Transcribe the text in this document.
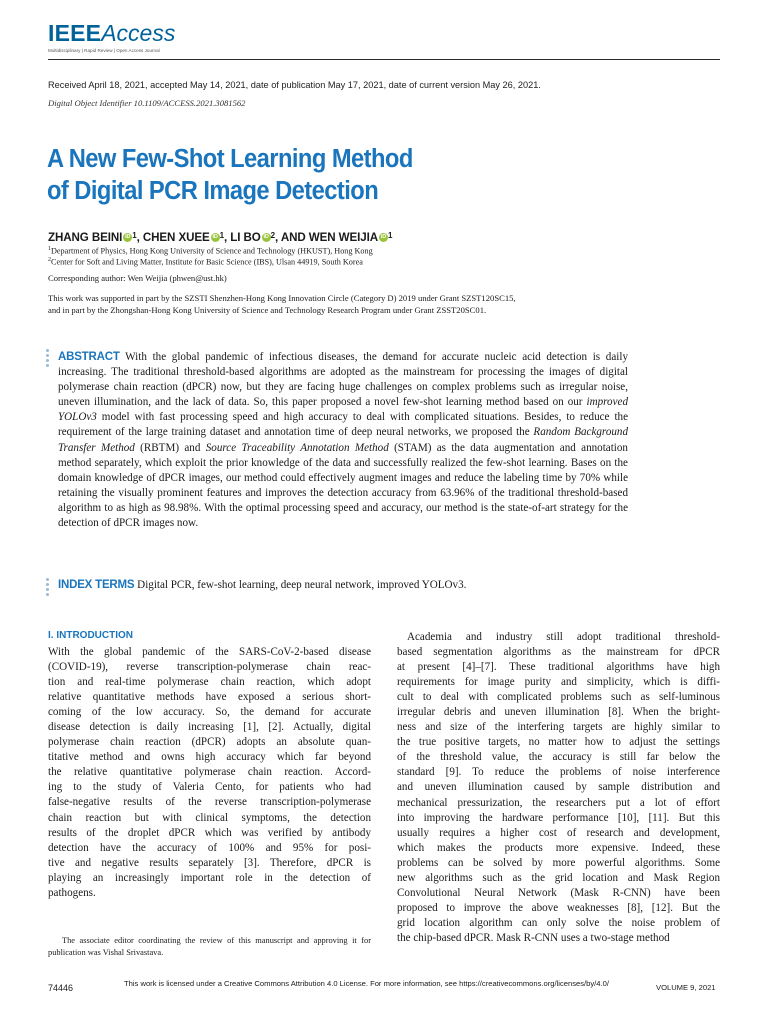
IEEEAccess
Multidisciplinary | Rapid Review | Open Access Journal
Received April 18, 2021, accepted May 14, 2021, date of publication May 17, 2021, date of current version May 26, 2021.
Digital Object Identifier 10.1109/ACCESS.2021.3081562
A New Few-Shot Learning Method
of Digital PCR Image Detection
ZHANG BEINI iD $^1$, CHEN XUEE iD $^1$, LI BO iD $^2$, AND WEN WEIJIA iD $^1$
$^1$Department of Physics, Hong Kong University of Science and Technology (HKUST), Hong Kong
$^2$Center for Soft and Living Matter, Institute for Basic Science (IBS), Ulsan 44919, South Korea
Corresponding author: Wen Weijia (phwen@ust.hk)
This work was supported in part by the SZSTI Shenzhen-Hong Kong Innovation Circle (Category D) 2019 under Grant SZST120SC15,
and in part by the Zhongshan-Hong Kong University of Science and Technology Research Program under Grant ZSST20SC01.
ABSTRACT With the global pandemic of infectious diseases, the demand for accurate nucleic acid detection is daily increasing. The traditional threshold-based algorithms are adopted as the mainstream for processing the images of digital polymerase chain reaction (dPCR) now, but they are facing huge challenges on complex problems such as irregular noise, uneven illumination, and the lack of data. So, this paper proposed a novel few-shot learning method based on our improved YOLOv3 model with fast processing speed and high accuracy to deal with complicated situations. Besides, to reduce the requirement of the large training dataset and annotation time of deep neural networks, we proposed the Random Background Transfer Method (RBTM) and Source Traceability Annotation Method (STAM) as the data augmentation and annotation method separately, which exploit the prior knowledge of the data and successfully realized the few-shot learning. Bases on the domain knowledge of dPCR images, our method could effectively augment images and reduce the labeling time by 70% while retaining the visually prominent features and improves the detection accuracy from 63.96% of the traditional threshold-based algorithm to as high as 98.98%. With the optimal processing speed and accuracy, our method is the state-of-art strategy for the detection of dPCR images now.
INDEX TERMS Digital PCR, few-shot learning, deep neural network, improved YOLOv3.
I. INTRODUCTION
With the global pandemic of the SARS-CoV-2-based disease
(COVID-19), reverse transcription-polymerase chain reac-
tion and real-time polymerase chain reaction, which adopt
relative quantitative methods have exposed a serious short-
coming of the low accuracy. So, the demand for accurate
disease detection is daily increasing [1], [2]. Actually, digital
polymerase chain reaction (dPCR) adopts an absolute quan-
titative method and owns high accuracy which far beyond
the relative quantitative polymerase chain reaction. Accord-
ing to the study of Valeria Cento, for patients who had
false-negative results of the reverse transcription-polymerase
chain reaction but with clinical symptoms, the detection
results of the droplet dPCR which was verified by antibody
detection have the accuracy of 100% and 95% for posi-
tive and negative results separately [3]. Therefore, dPCR is
playing an increasingly important role in the detection of
pathogens.
Academia and industry still adopt traditional threshold-
based segmentation algorithms as the mainstream for dPCR
at present [4]–[7]. These traditional algorithms have high
requirements for image purity and simplicity, which is diffi-
cult to deal with complicated problems such as self-luminous
irregular debris and uneven illumination [8]. When the bright-
ness and size of the interfering targets are highly similar to
the true positive targets, no matter how to adjust the settings
of the threshold value, the accuracy is still far below the
standard [9]. To reduce the problems of noise interference
and uneven illumination caused by sample distribution and
mechanical pressurization, the researchers put a lot of effort
into improving the hardware performance [10], [11]. But this
usually requires a higher cost of research and development,
which makes the products more expensive. Indeed, these
problems can be solved by more powerful algorithms. Some
new algorithms such as the grid location and Mask Region
Convolutional Neural Network (Mask R-CNN) have been
proposed to improve the above weaknesses [8], [12]. But the
grid location algorithm can only solve the noise problem of
the chip-based dPCR. Mask R-CNN uses a two-stage method
The associate editor coordinating the review of this manuscript and approving it for publication was Vishal Srivastava.
74446	This work is licensed under a Creative Commons Attribution 4.0 License. For more information, see https://creativecommons.org/licenses/by/4.0/	VOLUME 9, 2021
